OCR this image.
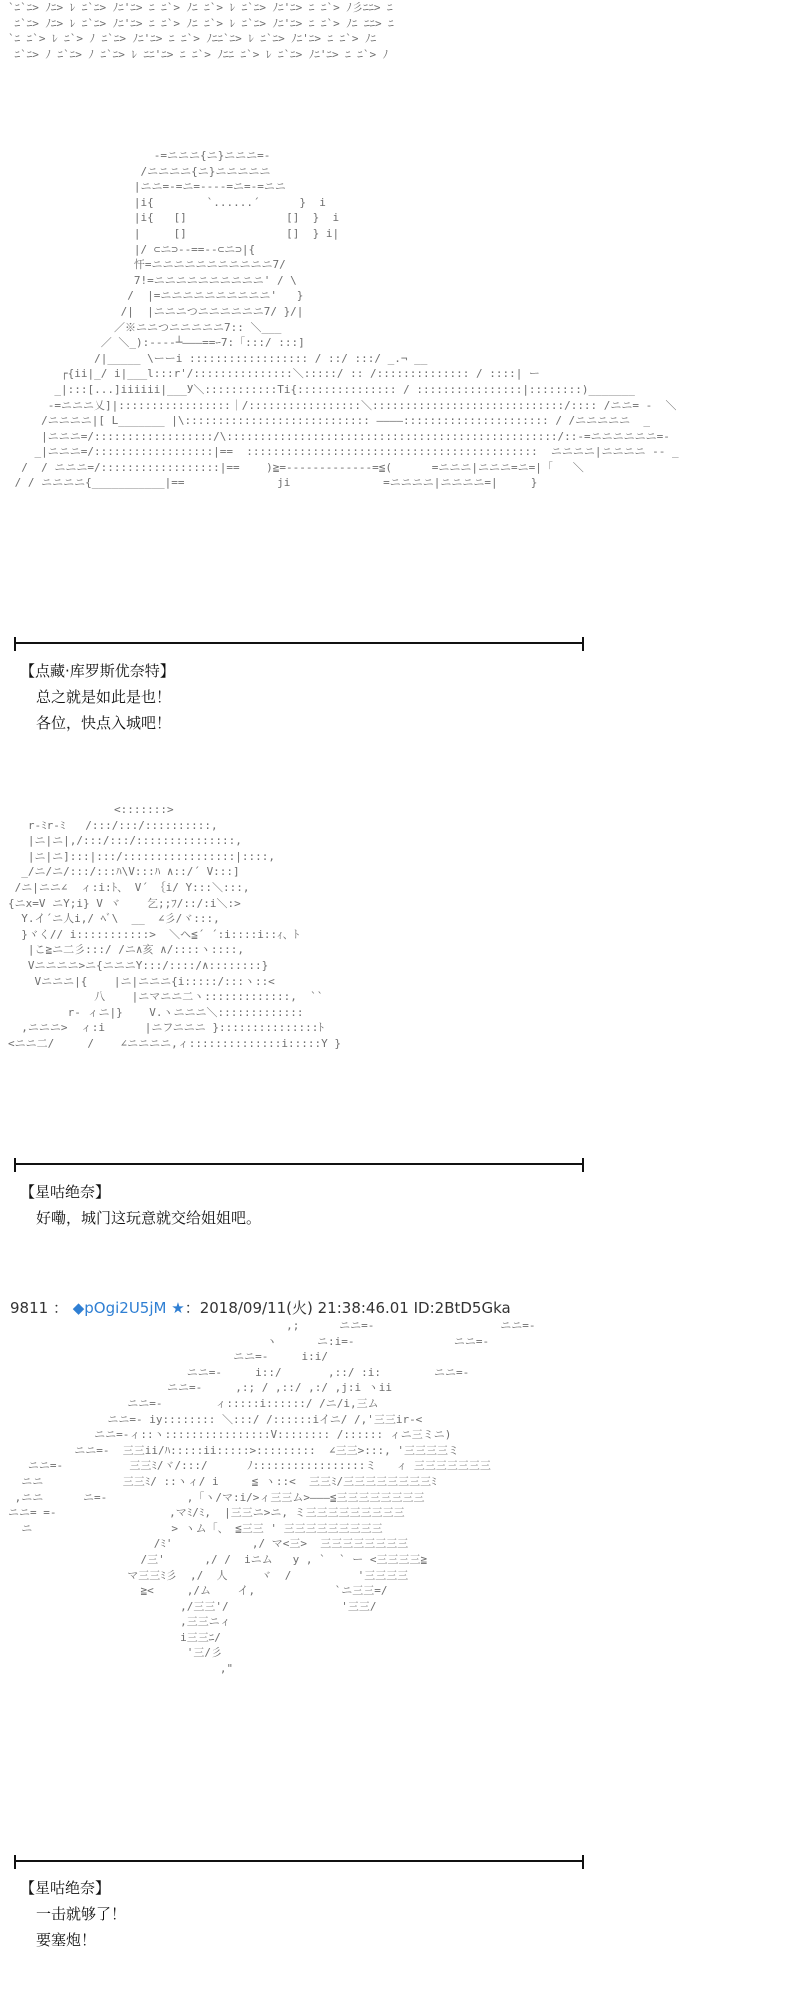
`ﾆ`ﾆ> ﾉﾆ> ﾚ ﾆ`ﾆ> ﾉﾆ'ﾆ> ﾆ ﾆ`> ﾉﾆ ﾆ`> ﾚ ﾆ`ﾆ> ﾉﾆ'ﾆ> ﾆ ﾆ`> ﾉ彡ﾆﾆ> ﾆ
ﾆ`ﾆ> ﾉﾆ> ﾚ ﾆ`ﾆ> ﾉﾆ'ﾆ> ﾆ ﾆ`> ﾉﾆ ﾆ`> ﾚ ﾆ`ﾆ> ﾉﾆ'ﾆ> ﾆ ﾆ`> ﾉﾆ ﾆﾆ> ﾆ
`ﾆ ﾆ`> ﾚ ﾆ`> ﾉ ﾆ`ﾆ> ﾉﾆ'ﾆ> ﾆ ﾆ`> ﾉﾆﾆ`ﾆ> ﾚ ﾆ`ﾆ> ﾉﾆ'ﾆ> ﾆ ﾆ`> ﾉﾆ
ﾆ`ﾆ> ﾉ ﾆ`ﾆ> ﾉ ﾆ`ﾆ> ﾚ ﾆﾆ'ﾆ> ﾆ ﾆ`> ﾉﾆﾆ ﾆ`> ﾚ ﾆ`ﾆ> ﾉﾆ'ﾆ> ﾆ ﾆ`> ﾉ
-=ニニニ{ニ}ニニニ=-
/ニニニニ{ニ}ニニニニニ
|ニニ=-=ニ=----=ニ=-=ニニ
|i{        `......´      }  i
|i{   []               []  }  i
|     []               []  } i|
|/ ⊂ニ⊃--==--⊂ニ⊃|{
忓=ニニニニニニニニニニニ7/
7!=ニニニニニニニニニニ' / \
/  |=ニニニニニニニニニニ'   }
/|  |ニニニつニニニニニニ7/ }/|
／※ニニつニニニニニ7:: ＼___
／ ＼_):----┴―――==ｰ7:「:::/ :::]
/|_____ \ーーi :::::::::::::::::: / ::/ :::/ _.¬ __
┌{ii|_/ i|___l:::r'/:::::::::::::::＼:::::/ :: /:::::::::::::: / ::::| ー
_|:::[...]iiiiii|___У＼:::::::::::Ti{::::::::::::::: / ::::::::::::::::|::::::::)_______
-=ニニニ乂]|:::::::::::::::::｜/:::::::::::::::::＼:::::::::::::::::::::::::::::/:::: /ニニ= -  ＼
/ニニニニ|[ L_______ |\:::::::::::::::::::::::::::: ――――:::::::::::::::::::::: / /ニニニニニ  _
|ニニニ=/::::::::::::::::::/\::::::::::::::::::::::::::::::::::::::::::::::::::/::-=ニニニニニニ=-
_|ニニニ=/::::::::::::::::::|==  ::::::::::::::::::::::::::::::::::::::::::::  ニニニニ|ニニニニ -- _
/  / ニニニ=/::::::::::::::::::|==    )≧=-------------=≦(      =ニニニ|ニニニ=ニ=|「   ＼
/ / ニニニニ{___________|==              ji              =ニニニニ|ニニニニ=|     }
【点藏·库罗斯优奈特】
总之就是如此是也！
各位，快点入城吧！
<:::::::>
r-ﾐr-ﾐ   /:::/:::/::::::::::,
|ニ|ニ|,/:::/:::/:::::::::::::::,
|ニ|ニ]:::|:::/:::::::::::::::::|::::,
_/ニ/ニ/:::/:::ﾊ\V:::ﾊ ∧::/´ V:::]
/ニ|ニニ∠  ィ:i:ﾄ、 V´ ｛i/ Y:::＼:::,
{ニx=V ニY;i} V ヾ    乞;;ﾌ/::/:i＼:>
Y.イ´ニ人i,/ ﾍﾞ\  __  ∠彡/ヾ:::,
}ヾく// i:::::::::::>  ＼ヘ≦´ ´:i::::i::ｨ、ﾄ
|こ≧ニ二彡:::/ /ニ∧亥 ∧/::::ヽ::::,
Vニニニニ>ニ{ニニニY:::/::::/∧::::::::}
Vニニニ|{    |ニ|ニニニ{i:::::/:::ヽ::<
八    |ニマニニ二ヽ:::::::::::::,  ``
r- ィニ|}    V.ヽニニニ＼:::::::::::::
,ニニニ>  ィ:i      |ニフニニニ }:::::::::::::::ﾄ
<ニニ二/     /    ∠ニニニニ,ィ::::::::::::::i:::::Y }
【星咕绝奈】
好嘞，城门这玩意就交给姐姐吧。
9811 ： ◆pOgi2U5jM ★：2018/09/11(火) 21:38:46.01 ID:2BtD5Gka
,;      ニニ=-                   ニニ=-
ヽ      ニ:i=-               ニニ=-
ニニ=-     i:i/
ニニ=-     i::/       ,::/ :i:        ニニ=-
ニニ=-     ,:; / ,::/ ,:/ ,j:i ヽii
ニニ=-        ィ:::::i::::::/ /ニ/i,三ム
ニニ=- iy:::::::: ＼:::/ /::::::iイニ/ /,'三三ir-<
ニニ=-ィ::ヽ::::::::::::::::V:::::::: /:::::: ィニ三ミニ)
ニニ=-  三三ii/ﾊ:::::ii:::::>:::::::::  ∠三三>:::, '三三三三ミ
ニニ=-          三三ﾐ/ヾ/:::/      ﾉ:::::::::::::::::ミ   ィ 三三三三三三三
ニニ            三三ﾐ/ ::ヽィ/ i     ≦ ヽ::<  三三ﾐ/三三三三三三三三ﾐ
,ニニ      ニ=-            ,「ヽ/マ:i/>ィ三三ム>―――≦三三三三三三三三
ニニ= =-                 ,マﾐ/ﾐ,  |三三ニ>ニ, ミ三三三三三三三三三
ニ                     > ヽム「、 ≦三三 ' 三三三三三三三三三
/ﾐ'            ,/ マ<三>  三三三三三三三三
/三'      ,/ /  iニム   y , `  ` ー <三三三三≧
マ三三ﾐ彡  ,/  人     ヾ  /          '三三三三
≧<     ,/ム    イ,            `ニ三三=/
,/三三'/                 '三三/
,三三ニィ
i三三ﾆ/
'三/彡
,"
【星咕绝奈】
一击就够了！
要塞炮！
